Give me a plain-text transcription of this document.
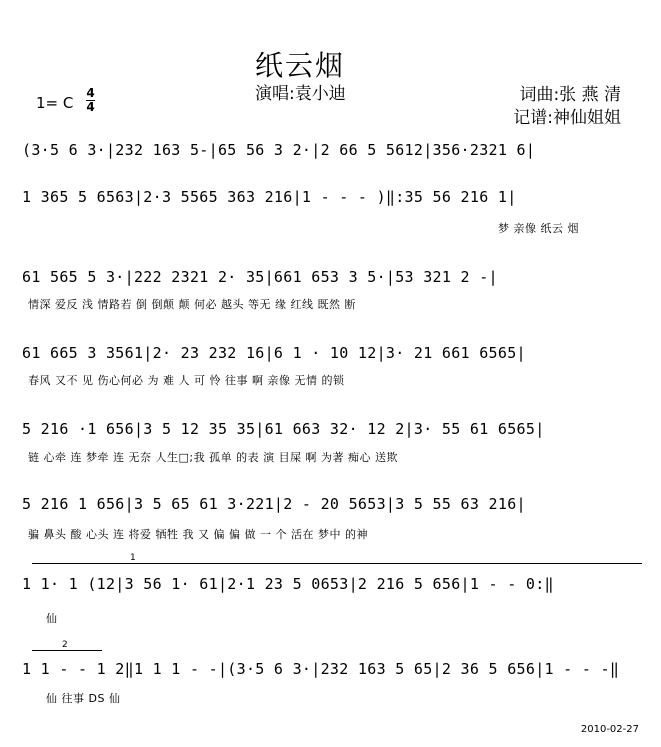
纸云烟
演唱:袁小迪	词曲:张 燕 清
记谱:神仙姐姐
1= C
4
4
(3·5 6 3·|232 163 5-|65 56 3 2·|2 66 5 5612|356·2321 6|
1 365 5 6563|2·3 5565 363 216|1 - - - )‖:35 56 216 1|
梦 亲像 纸云 烟
61 565 5 3·|222 2321 2· 35|661 653 3 5·|53 321 2 -|
情深 爱反 浅 情路若 倒 倒颠 颠 何必 越头 等无 缘 红线 既然 断
61 665 3 3561|2· 23 232 16|6 1 · 10 12|3· 21 661 6565|
春风 又不 见 伤心何必 为 难 人 可 怜 往事 啊 亲像 无情 的锁
5 216 ·1 656|3 5 12 35 35|61 663 32· 12 2|3· 55 61 6565|
链 心牵 连 梦牵 连 无奈 人生□;我 孤单 的表 演 目屎 啊 为著 痴心 送欺
5 216 1 656|3 5 65 61 3·221|2 - 20 5653|3 5 55 63 216|
骗 鼻头 酸 心头 连 将爱 牺牲 我 又 偏 偏 做 一 个 活在 梦中 的神
1
1 1· 1 (12|3 56 1· 61|2·1 23 5 0653|2 216 5 656|1 - - 0:‖
仙
2
1 1 - - 1 2‖1 1 1 - -|(3·5 6 3·|232 163 5 65|2 36 5 656|1 - - -‖
仙 往事 DS 仙
2010-02-27
